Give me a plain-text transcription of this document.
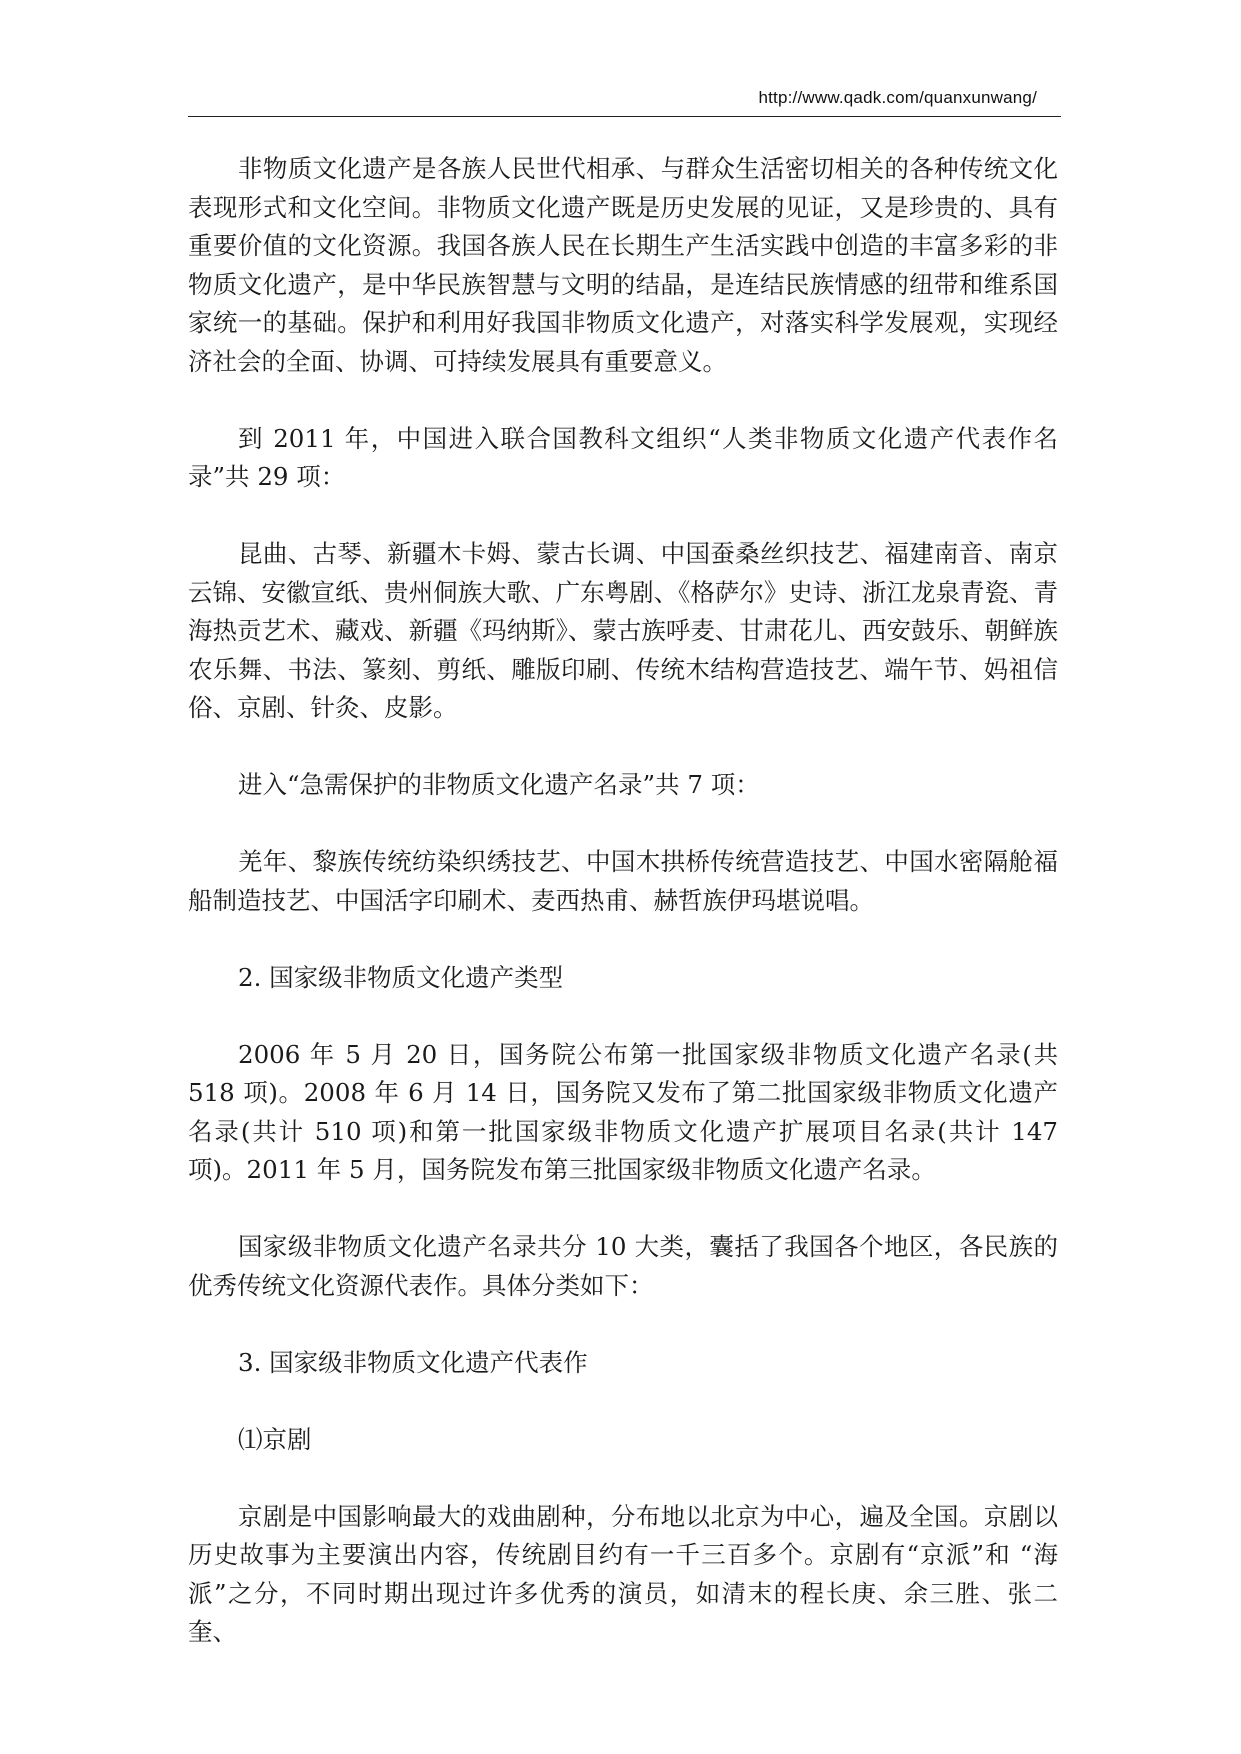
http://www.qadk.com/quanxunwang/

非物质文化遗产是各族人民世代相承、与群众生活密切相关的各种传统文化表现形式和文化空间。非物质文化遗产既是历史发展的见证，又是珍贵的、具有重要价值的文化资源。我国各族人民在长期生产生活实践中创造的丰富多彩的非物质文化遗产，是中华民族智慧与文明的结晶，是连结民族情感的纽带和维系国家统一的基础。保护和利用好我国非物质文化遗产，对落实科学发展观，实现经济社会的全面、协调、可持续发展具有重要意义。

到 2011 年，中国进入联合国教科文组织“人类非物质文化遗产代表作名录”共 29 项：

昆曲、古琴、新疆木卡姆、蒙古长调、中国蚕桑丝织技艺、福建南音、南京云锦、安徽宣纸、贵州侗族大歌、广东粤剧、《格萨尔》史诗、浙江龙泉青瓷、青海热贡艺术、藏戏、新疆《玛纳斯》、蒙古族呼麦、甘肃花儿、西安鼓乐、朝鲜族农乐舞、书法、篆刻、剪纸、雕版印刷、传统木结构营造技艺、端午节、妈祖信俗、京剧、针灸、皮影。

进入“急需保护的非物质文化遗产名录”共 7 项：

羌年、黎族传统纺染织绣技艺、中国木拱桥传统营造技艺、中国水密隔舱福船制造技艺、中国活字印刷术、麦西热甫、赫哲族伊玛堪说唱。

2. 国家级非物质文化遗产类型

2006 年 5 月 20 日，国务院公布第一批国家级非物质文化遗产名录(共 518 项)。2008 年 6 月 14 日，国务院又发布了第二批国家级非物质文化遗产名录(共计 510 项)和第一批国家级非物质文化遗产扩展项目名录(共计 147 项)。2011 年 5 月，国务院发布第三批国家级非物质文化遗产名录。

国家级非物质文化遗产名录共分 10 大类，囊括了我国各个地区，各民族的优秀传统文化资源代表作。具体分类如下：

3. 国家级非物质文化遗产代表作

⑴京剧

京剧是中国影响最大的戏曲剧种，分布地以北京为中心，遍及全国。京剧以历史故事为主要演出内容，传统剧目约有一千三百多个。京剧有“京派”和 “海派”之分，不同时期出现过许多优秀的演员，如清末的程长庚、余三胜、张二奎、
